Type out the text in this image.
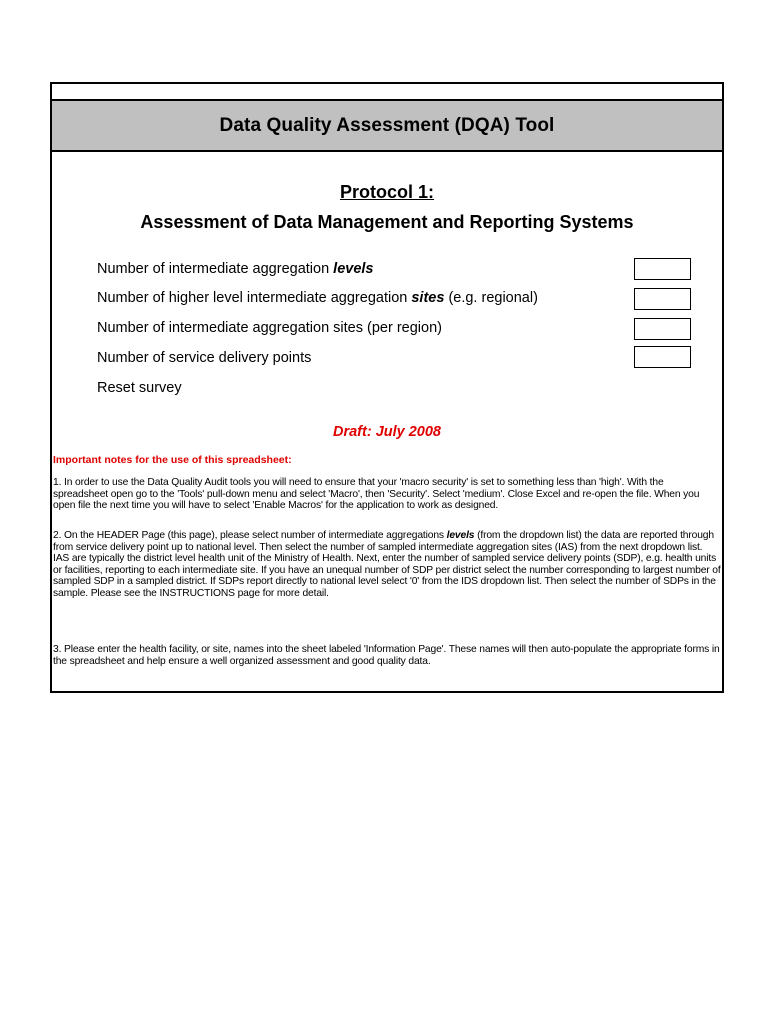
Data Quality Assessment (DQA) Tool
Protocol 1:
Assessment of Data Management and Reporting Systems
Number of intermediate aggregation levels
Number of higher level intermediate aggregation sites (e.g. regional)
Number of intermediate aggregation sites (per region)
Number of service delivery points
Reset survey
Draft: July 2008
Important notes for the use of this spreadsheet:
1. In order to use the Data Quality Audit tools you will need to ensure that your 'macro security' is set to something less than 'high'. With the spreadsheet open go to the 'Tools' pull-down menu and select 'Macro', then 'Security'. Select 'medium'. Close Excel and re-open the file. When you open file the next time you will have to select 'Enable Macros' for the application to work as designed.
2. On the HEADER Page (this page), please select number of intermediate aggregations levels (from the dropdown list) the data are reported through from service delivery point up to national level. Then select the number of sampled intermediate aggregation sites (IAS) from the next dropdown list. IAS are typically the district level health unit of the Ministry of Health. Next, enter the number of sampled service delivery points (SDP), e.g. health units or facilities, reporting to each intermediate site. If you have an unequal number of SDP per district select the number corresponding to largest number of sampled SDP in a sampled district. If SDPs report directly to national level select '0' from the IDS dropdown list. Then select the number of SDPs in the sample. Please see the INSTRUCTIONS page for more detail.
3. Please enter the health facility, or site, names into the sheet labeled 'Information Page'. These names will then auto-populate the appropriate forms in the spreadsheet and help ensure a well organized assessment and good quality data.
